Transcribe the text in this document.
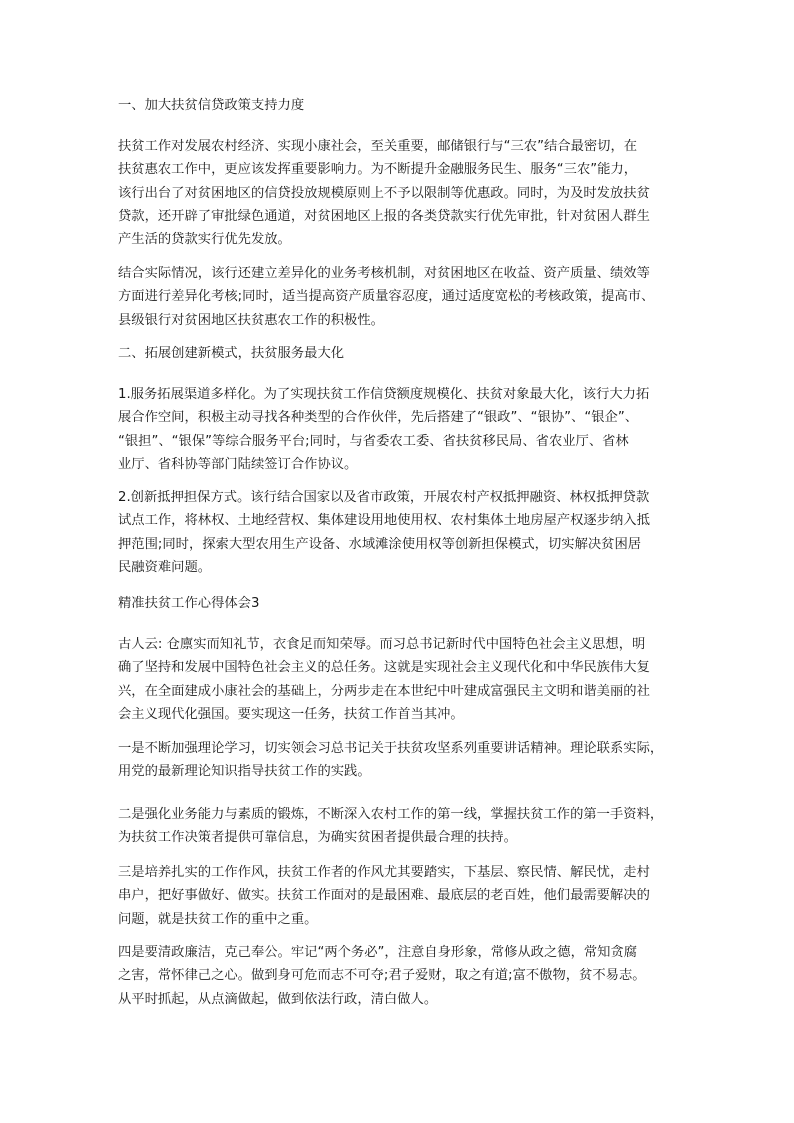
一、加大扶贫信贷政策支持力度
扶贫工作对发展农村经济、实现小康社会，至关重要，邮储银行与“三农”结合最密切，在
扶贫惠农工作中，更应该发挥重要影响力。为不断提升金融服务民生、服务“三农”能力，
该行出台了对贫困地区的信贷投放规模原则上不予以限制等优惠政。同时，为及时发放扶贫
贷款，还开辟了审批绿色通道，对贫困地区上报的各类贷款实行优先审批，针对贫困人群生
产生活的贷款实行优先发放。
结合实际情况，该行还建立差异化的业务考核机制，对贫困地区在收益、资产质量、绩效等
方面进行差异化考核;同时，适当提高资产质量容忍度，通过适度宽松的考核政策，提高市、
县级银行对贫困地区扶贫惠农工作的积极性。
二、拓展创建新模式，扶贫服务最大化
1.服务拓展渠道多样化。为了实现扶贫工作信贷额度规模化、扶贫对象最大化，该行大力拓
展合作空间，积极主动寻找各种类型的合作伙伴，先后搭建了“银政”、“银协”、“银企”、
“银担”、“银保”等综合服务平台;同时，与省委农工委、省扶贫移民局、省农业厅、省林
业厅、省科协等部门陆续签订合作协议。
2.创新抵押担保方式。该行结合国家以及省市政策，开展农村产权抵押融资、林权抵押贷款
试点工作，将林权、土地经营权、集体建设用地使用权、农村集体土地房屋产权逐步纳入抵
押范围;同时，探索大型农用生产设备、水域滩涂使用权等创新担保模式，切实解决贫困居
民融资难问题。
精准扶贫工作心得体会3
古人云: 仓廪实而知礼节，衣食足而知荣辱。而习总书记新时代中国特色社会主义思想，明
确了坚持和发展中国特色社会主义的总任务。这就是实现社会主义现代化和中华民族伟大复
兴，在全面建成小康社会的基础上，分两步走在本世纪中叶建成富强民主文明和谐美丽的社
会主义现代化强国。要实现这一任务，扶贫工作首当其冲。
一是不断加强理论学习，切实领会习总书记关于扶贫攻坚系列重要讲话精神。理论联系实际，
用党的最新理论知识指导扶贫工作的实践。
二是强化业务能力与素质的锻炼，不断深入农村工作的第一线，掌握扶贫工作的第一手资料，
为扶贫工作决策者提供可靠信息，为确实贫困者提供最合理的扶持。
三是培养扎实的工作作风，扶贫工作者的作风尤其要踏实，下基层、察民情、解民忧，走村
串户，把好事做好、做实。扶贫工作面对的是最困难、最底层的老百姓，他们最需要解决的
问题，就是扶贫工作的重中之重。
四是要清政廉洁，克己奉公。牢记“两个务必”，注意自身形象，常修从政之德，常知贪腐
之害，常怀律己之心。做到身可危而志不可夺;君子爱财，取之有道;富不傲物，贫不易志。
从平时抓起，从点滴做起，做到依法行政，清白做人。
